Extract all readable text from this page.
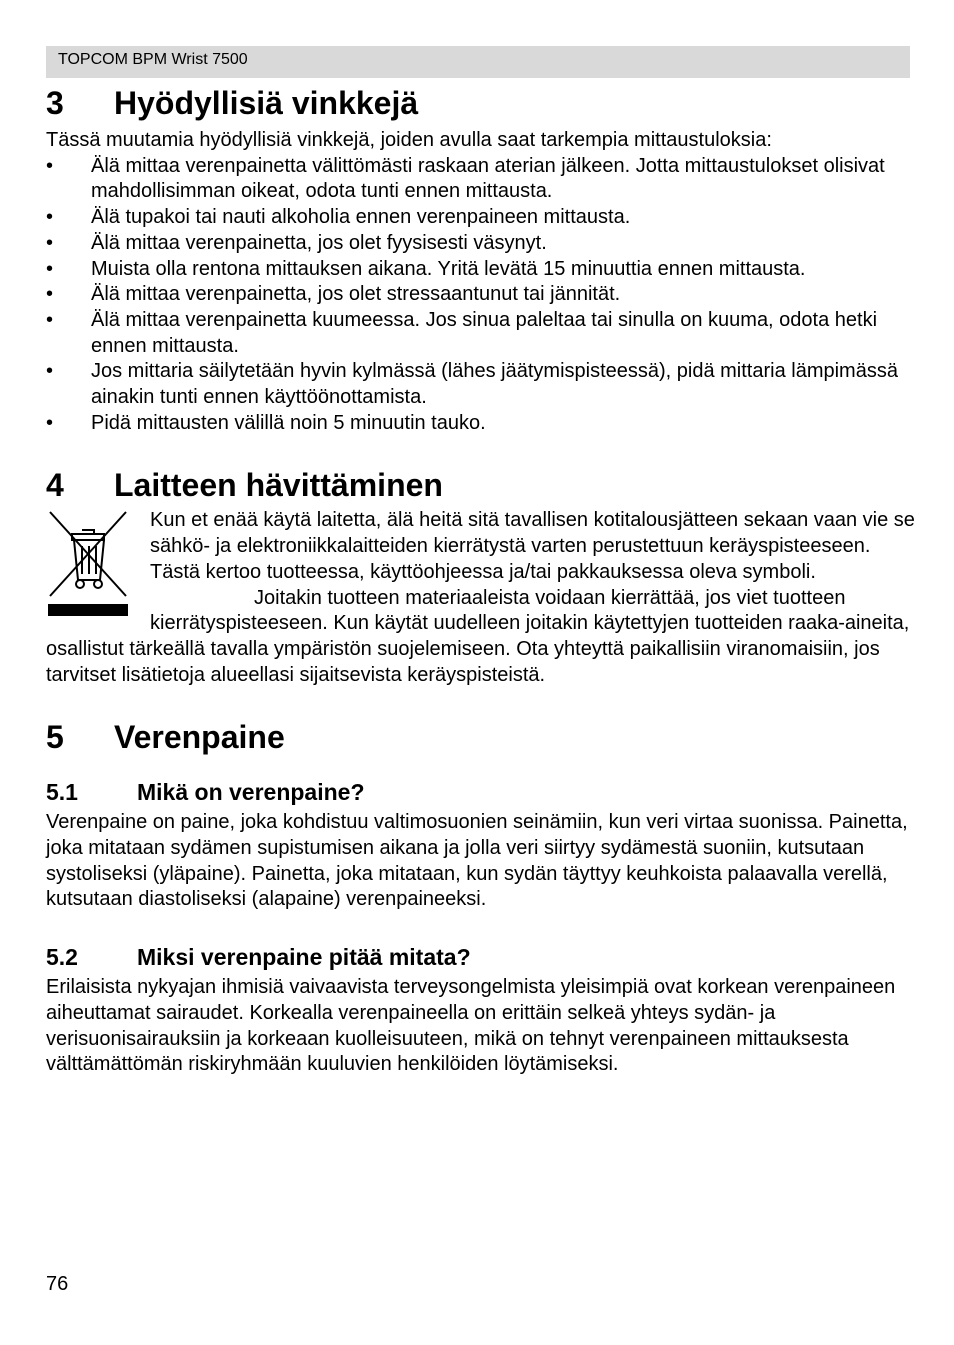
TOPCOM BPM Wrist 7500
3 Hyödyllisiä vinkkejä

Tässä muutamia hyödyllisiä vinkkejä, joiden avulla saat tarkempia mittaustuloksia:

•	Älä mittaa verenpainetta välittömästi raskaan aterian jälkeen. Jotta mittaustulokset olisivat mahdollisimman oikeat, odota tunti ennen mittausta.
•	Älä tupakoi tai nauti alkoholia ennen verenpaineen mittausta.
•	Älä mittaa verenpainetta, jos olet fyysisesti väsynyt.
•	Muista olla rentona mittauksen aikana. Yritä levätä 15 minuuttia ennen mittausta.
•	Älä mittaa verenpainetta, jos olet stressaantunut tai jännität.
•	Älä mittaa verenpainetta kuumeessa. Jos sinua paleltaa tai sinulla on kuuma, odota hetki ennen mittausta.
•	Jos mittaria säilytetään hyvin kylmässä (lähes jäätymispisteessä), pidä mittaria lämpimässä ainakin tunti ennen käyttöönottamista.
•	Pidä mittausten välillä noin 5 minuutin tauko.
4 Laitteen hävittäminen

Kun et enää käytä laitetta, älä heitä sitä tavallisen kotitalousjätteen sekaan vaan vie se sähkö- ja elektroniikkalaitteiden kierrätystä varten perustettuun keräyspisteeseen. Tästä kertoo tuotteessa, käyttöohjeessa ja/tai pakkauksessa oleva symboli.

Joitakin tuotteen materiaaleista voidaan kierrättää, jos viet tuotteen kierrätyspisteeseen. Kun käytät uudelleen joitakin käytettyjen tuotteiden raaka-aineita, osallistut tärkeällä tavalla ympäristön suojelemiseen. Ota yhteyttä paikallisiin viranomaisiin, jos tarvitset lisätietoja alueellasi sijaitsevista keräyspisteistä.

5 Verenpaine
5.1	Mikä on verenpaine?

Verenpaine on paine, joka kohdistuu valtimosuonien seinämiin, kun veri virtaa suonissa. Painetta, joka mitataan sydämen supistumisen aikana ja jolla veri siirtyy sydämestä suoniin, kutsutaan systoliseksi (yläpaine). Painetta, joka mitataan, kun sydän täyttyy keuhkoista palaavalla verellä, kutsutaan diastoliseksi (alapaine) verenpaineeksi.

5.2	Miksi verenpaine pitää mitata?

Erilaisista nykyajan ihmisiä vaivaavista terveysongelmista yleisimpiä ovat korkean verenpaineen aiheuttamat sairaudet. Korkealla verenpaineella on erittäin selkeä yhteys sydän- ja verisuonisairauksiin ja korkeaan kuolleisuuteen, mikä on tehnyt verenpaineen mittauksesta välttämättömän riskiryhmään kuuluvien henkilöiden löytämiseksi.

76
